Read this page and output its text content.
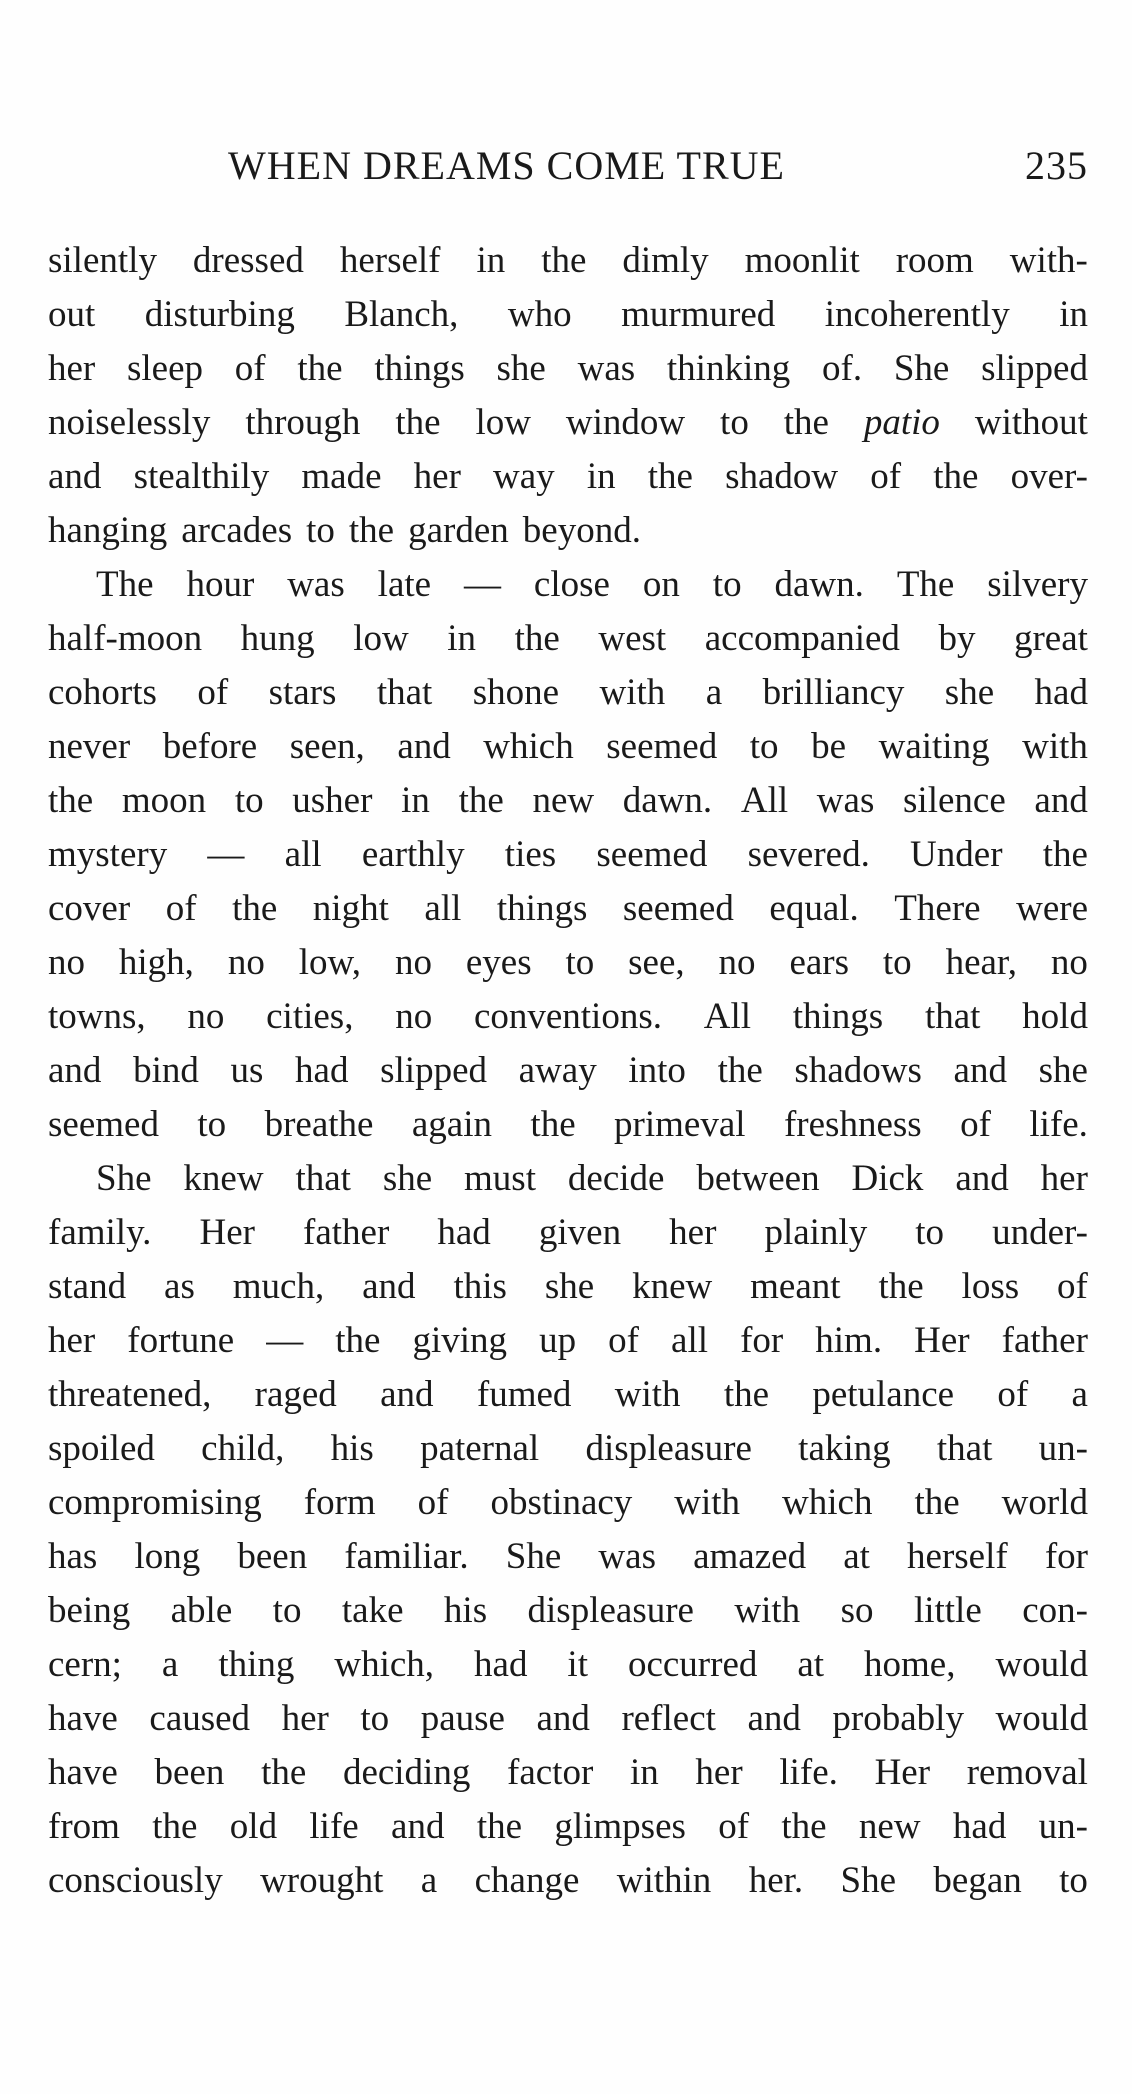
WHEN DREAMS COME TRUE	235
silently dressed herself in the dimly moonlit room with-
out disturbing Blanch, who murmured incoherently in
her sleep of the things she was thinking of. She slipped
noiselessly through the low window to the patio without
and stealthily made her way in the shadow of the over-
hanging arcades to the garden beyond.
The hour was late — close on to dawn. The silvery
half-moon hung low in the west accompanied by great
cohorts of stars that shone with a brilliancy she had
never before seen, and which seemed to be waiting with
the moon to usher in the new dawn. All was silence and
mystery — all earthly ties seemed severed. Under the
cover of the night all things seemed equal. There were
no high, no low, no eyes to see, no ears to hear, no
towns, no cities, no conventions. All things that hold
and bind us had slipped away into the shadows and she
seemed to breathe again the primeval freshness of life.
She knew that she must decide between Dick and her
family. Her father had given her plainly to under-
stand as much, and this she knew meant the loss of
her fortune — the giving up of all for him. Her father
threatened, raged and fumed with the petulance of a
spoiled child, his paternal displeasure taking that un-
compromising form of obstinacy with which the world
has long been familiar. She was amazed at herself for
being able to take his displeasure with so little con-
cern; a thing which, had it occurred at home, would
have caused her to pause and reflect and probably would
have been the deciding factor in her life. Her removal
from the old life and the glimpses of the new had un-
consciously wrought a change within her. She began to
